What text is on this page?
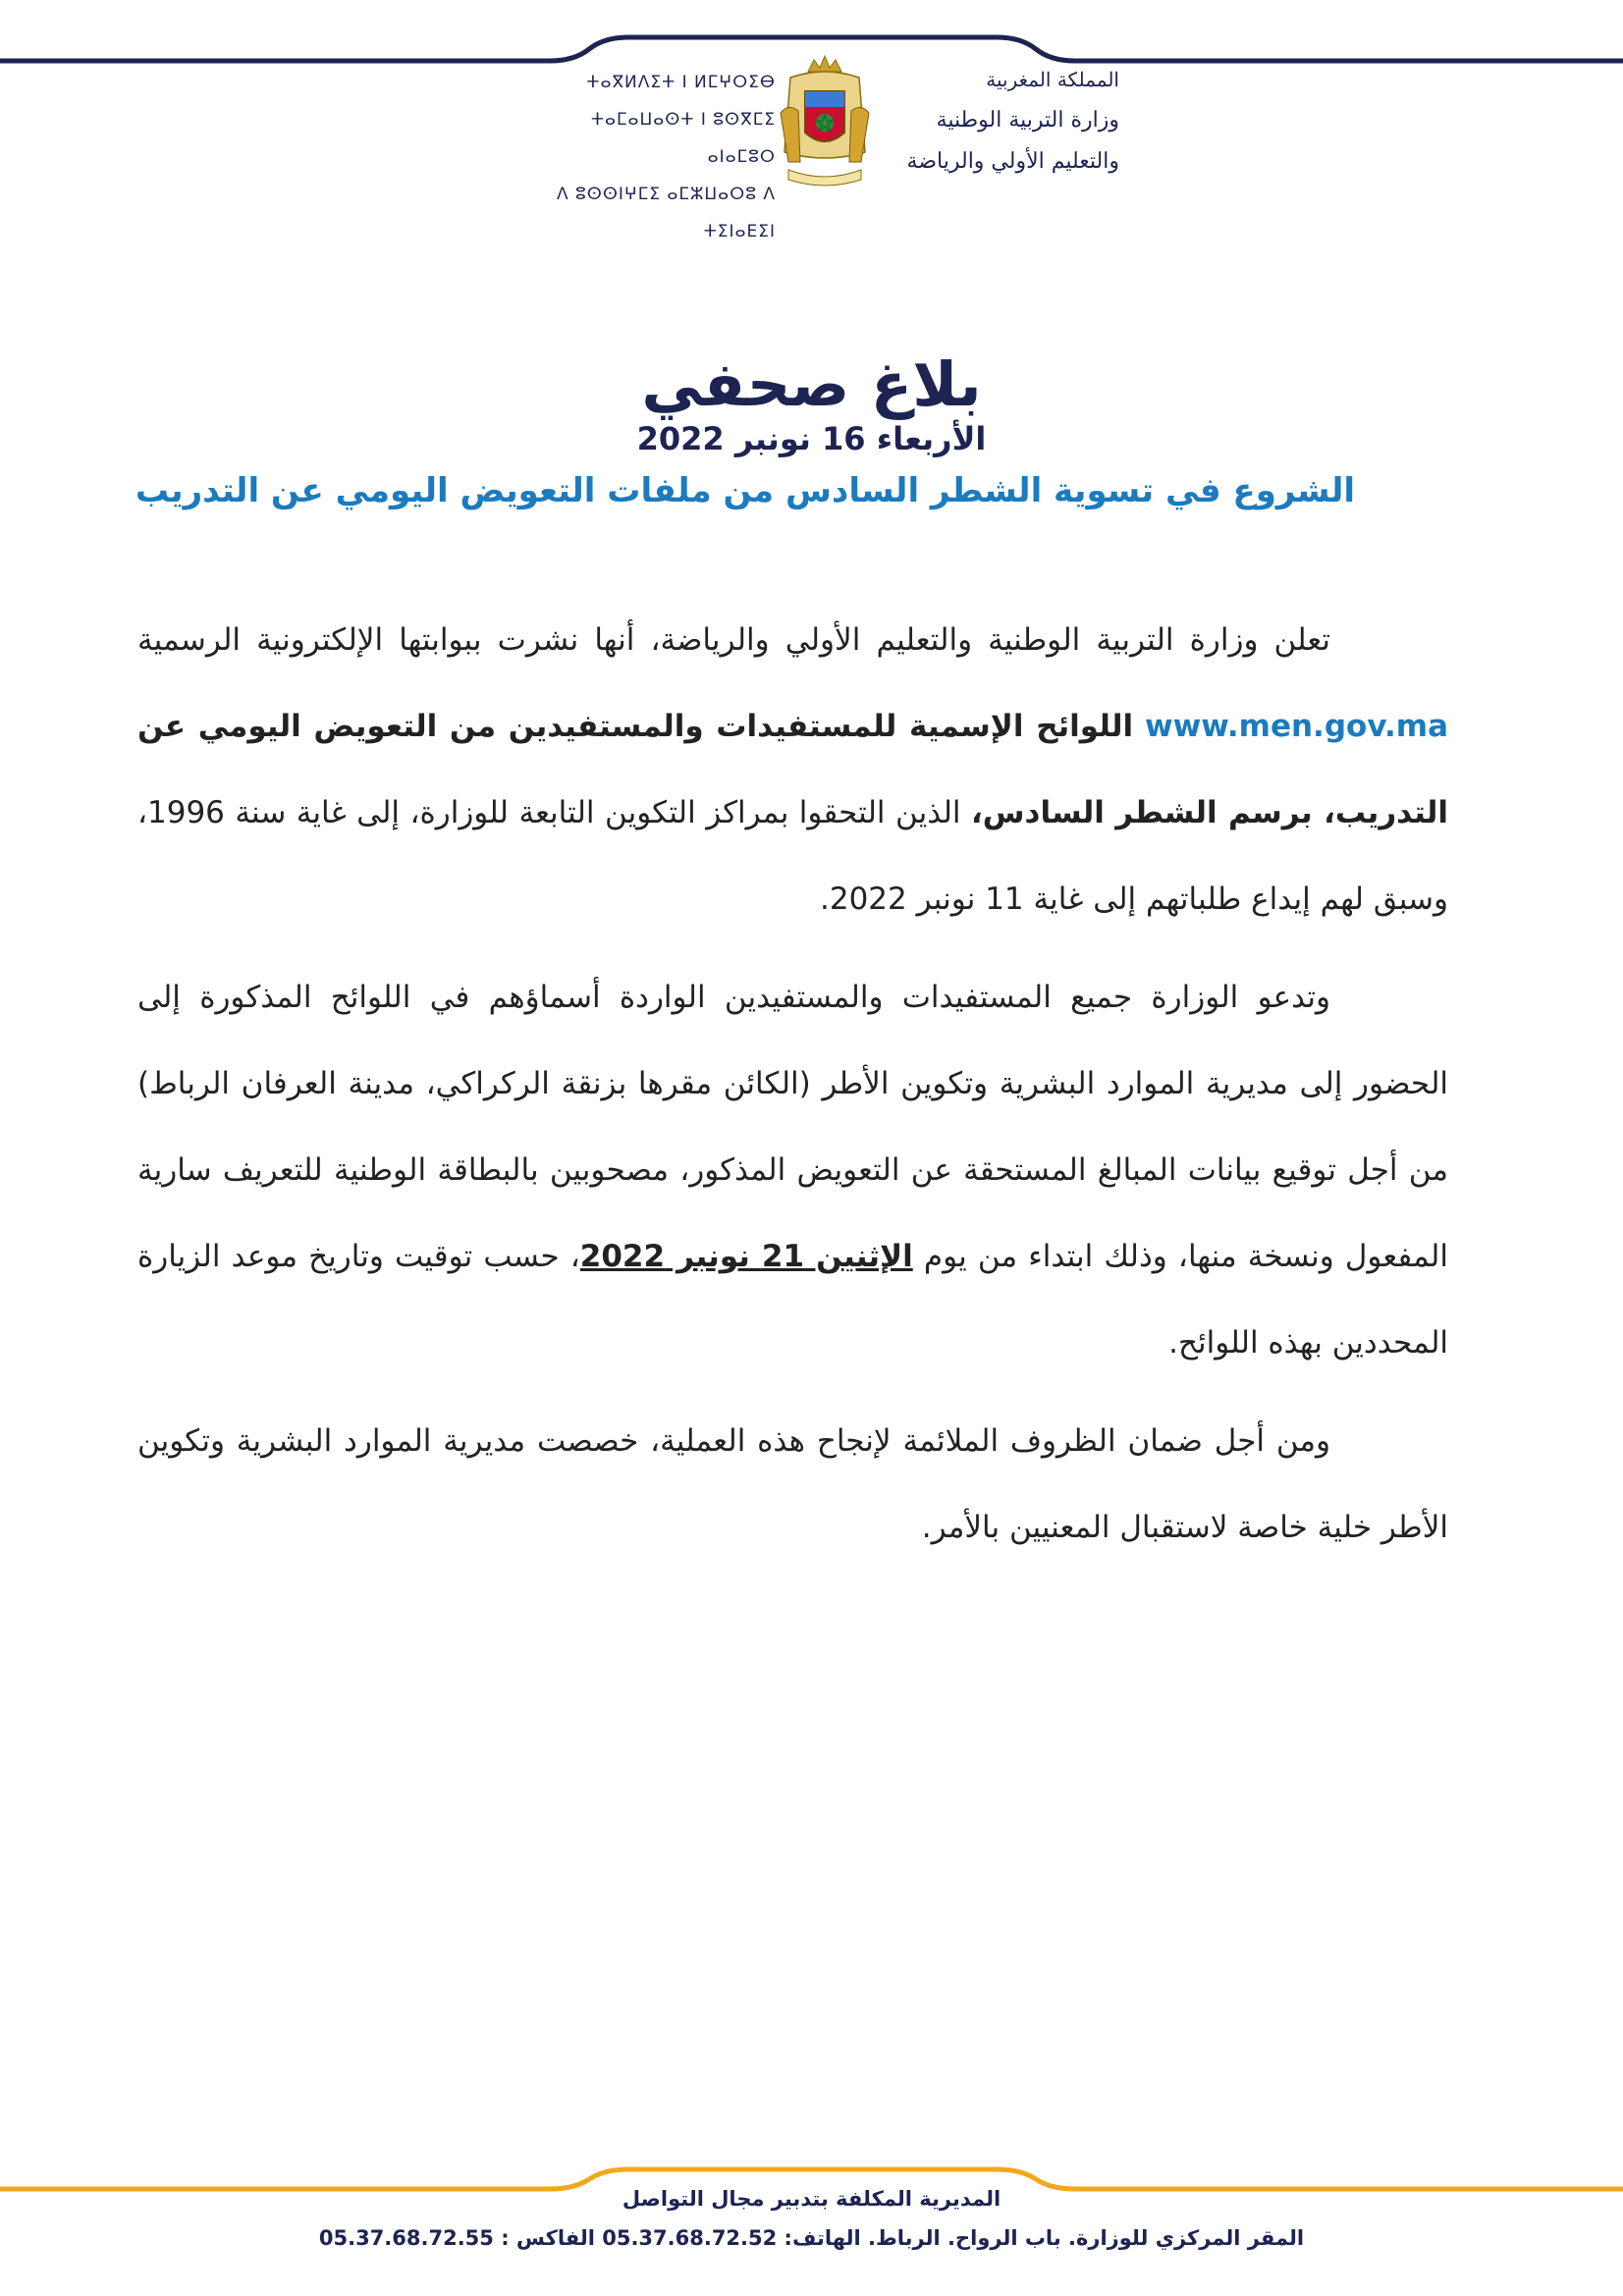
ⵜⴰⴳⵍⴷⵉⵜ ⵏ ⵍⵎⵖⵔⵉⴱ
ⵜⴰⵎⴰⵡⴰⵙⵜ ⵏ ⵓⵙⴳⵎⵉ ⴰⵏⴰⵎⵓⵔ
ⴷ ⵓⵙⵙⵏⵖⵎⵉ ⴰⵎⵣⵡⴰⵔⵓ ⴷ ⵜⵉⵏⴰⴹⵉⵏ
المملكة المغربية
وزارة التربية الوطنية
والتعليم الأولي والرياضة
بلاغ صحفي
الأربعاء 16 نونبر 2022
الشروع في تسوية الشطر السادس من ملفات التعويض اليومي عن التدريب

تعلن وزارة التربية الوطنية والتعليم الأولي والرياضة، أنها نشرت ببوابتها الإلكترونية الرسمية www.men.gov.ma اللوائح الإسمية للمستفيدات والمستفيدين من التعويض اليومي عن التدريب، برسم الشطر السادس، الذين التحقوا بمراكز التكوين التابعة للوزارة، إلى غاية سنة 1996، وسبق لهم إيداع طلباتهم إلى غاية 11 نونبر 2022.

وتدعو الوزارة جميع المستفيدات والمستفيدين الواردة أسماؤهم في اللوائح المذكورة إلى الحضور إلى مديرية الموارد البشرية وتكوين الأطر (الكائن مقرها بزنقة الركراكي، مدينة العرفان الرباط) من أجل توقيع بيانات المبالغ المستحقة عن التعويض المذكور، مصحوبين بالبطاقة الوطنية للتعريف سارية المفعول ونسخة منها، وذلك ابتداء من يوم الإثنين 21 نونبر 2022، حسب توقيت وتاريخ موعد الزيارة المحددين بهذه اللوائح.

ومن أجل ضمان الظروف الملائمة لإنجاح هذه العملية، خصصت مديرية الموارد البشرية وتكوين الأطر خلية خاصة لاستقبال المعنيين بالأمر.

المديرية المكلفة بتدبير مجال التواصل
المقر المركزي للوزارة. باب الرواح. الرباط. الهاتف: 05.37.68.72.52 الفاكس : 05.37.68.72.55
